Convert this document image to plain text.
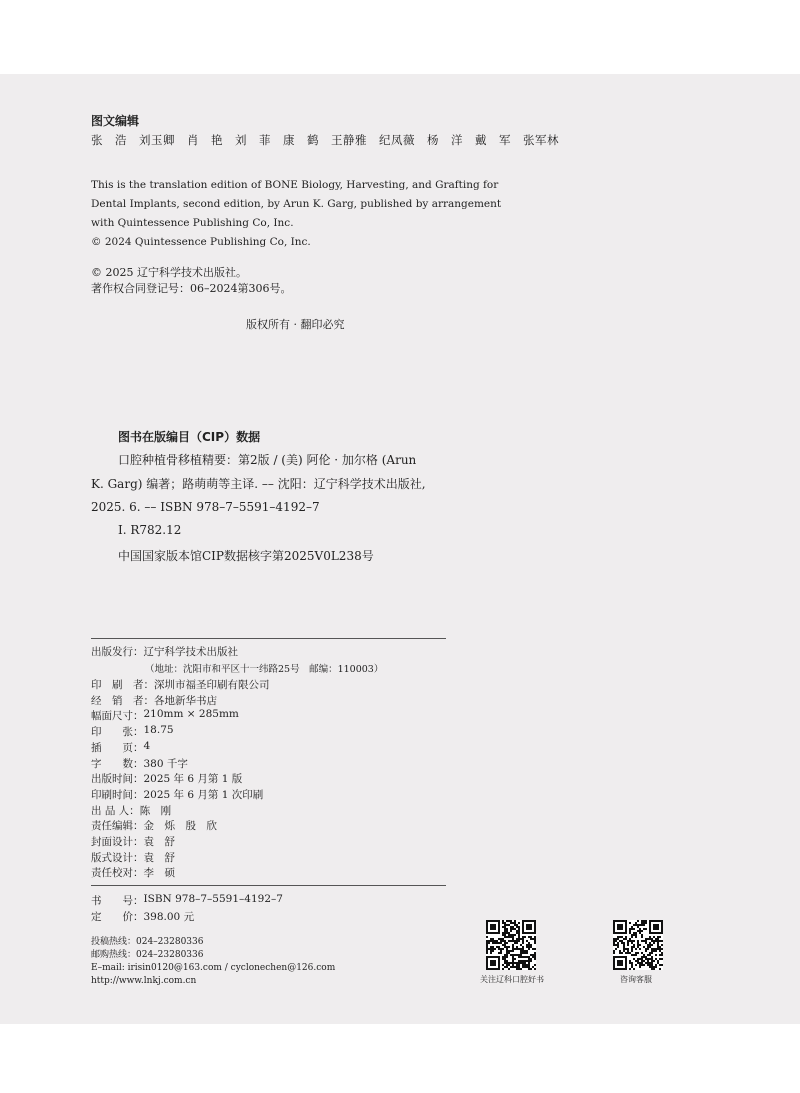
图文编辑
张　浩　刘玉卿　肖　艳　刘　菲　康　鹤　王静雅　纪凤薇　杨　洋　戴　军　张军林
This is the translation edition of BONE Biology, Harvesting, and Grafting for Dental Implants, second edition, by Arun K. Garg, published by arrangement with Quintessence Publishing Co, Inc.
© 2024 Quintessence Publishing Co, Inc.
© 2025 辽宁科学技术出版社。
著作权合同登记号：06–2024第306号。
版权所有 · 翻印必究
图书在版编目（CIP）数据
口腔种植骨移植精要：第2版 / (美) 阿伦 · 加尔格 (Arun
K. Garg) 编著；路萌萌等主译. –– 沈阳：辽宁科学技术出版社,
2025. 6. –– ISBN 978–7–5591–4192–7
Ⅰ. R782.12
中国国家版本馆CIP数据核字第2025V0L238号
出版发行： 辽宁科学技术出版社
（地址：沈阳市和平区十一纬路25号　邮编：110003）
印　刷　者： 深圳市福圣印刷有限公司
经　销　者： 各地新华书店
幅面尺寸： 210mm × 285mm
印　　张： 18.75
插　　页： 4
字　　数： 380 千字
出版时间： 2025 年 6 月第 1 版
印刷时间： 2025 年 6 月第 1 次印刷
出 品 人： 陈　刚
责任编辑： 金　烁　殷　欣
封面设计： 袁　舒
版式设计： 袁　舒
责任校对： 李　硕
书　　号： ISBN 978–7–5591–4192–7
定　　价： 398.00 元
投稿热线：024–23280336
邮购热线：024–23280336
E–mail: irisin0120@163.com / cyclonechen@126.com
http://www.lnkj.com.cn	关注辽科口腔好书	咨询客服
